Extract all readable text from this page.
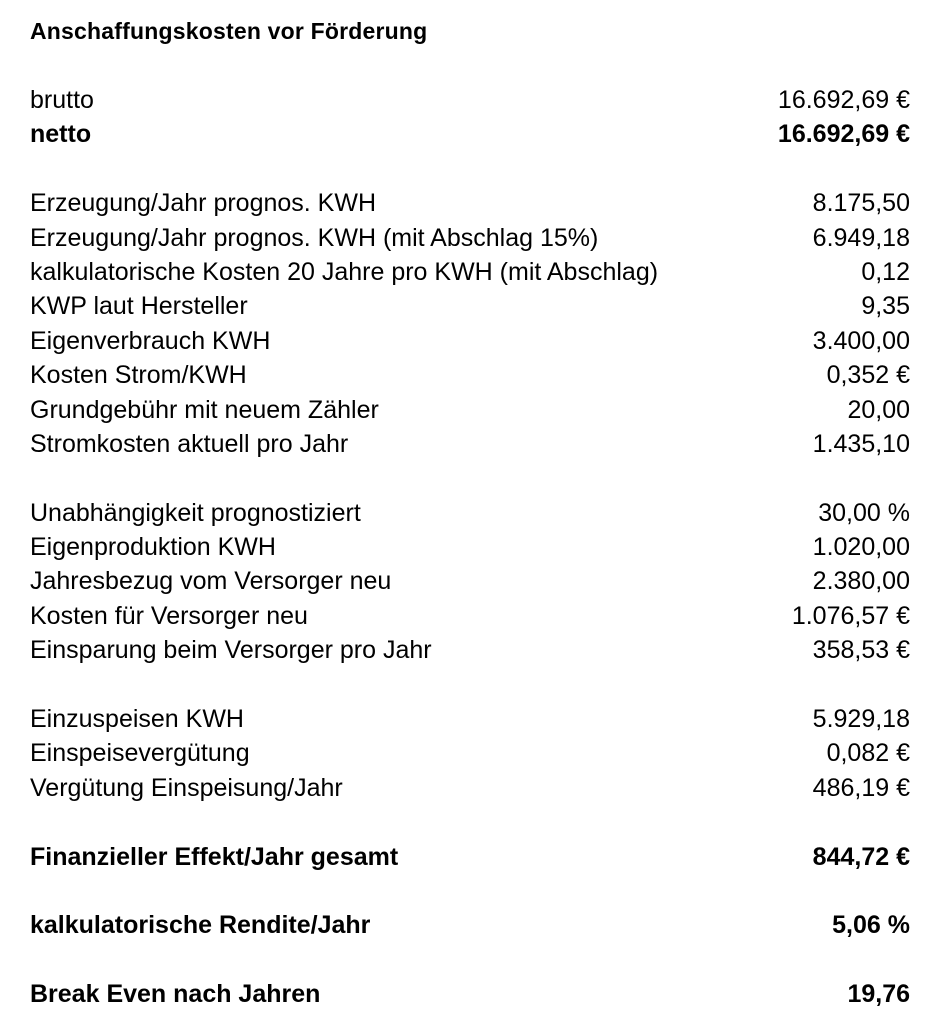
Anschaffungskosten vor Förderung
brutto	16.692,69 €
netto	16.692,69 €
Erzeugung/Jahr prognos. KWH	8.175,50
Erzeugung/Jahr prognos. KWH (mit Abschlag 15%)	6.949,18
kalkulatorische Kosten 20 Jahre pro KWH (mit Abschlag)	0,12
KWP laut Hersteller	9,35
Eigenverbrauch KWH	3.400,00
Kosten Strom/KWH	0,352 €
Grundgebühr mit neuem Zähler	20,00
Stromkosten aktuell pro Jahr	1.435,10
Unabhängigkeit prognostiziert	30,00 %
Eigenproduktion KWH	1.020,00
Jahresbezug vom Versorger neu	2.380,00
Kosten für Versorger neu	1.076,57 €
Einsparung beim Versorger pro Jahr	358,53 €
Einzuspeisen KWH	5.929,18
Einspeisevergütung	0,082 €
Vergütung Einspeisung/Jahr	486,19 €
Finanzieller Effekt/Jahr gesamt	844,72 €
kalkulatorische Rendite/Jahr	5,06 %
Break Even nach Jahren	19,76
